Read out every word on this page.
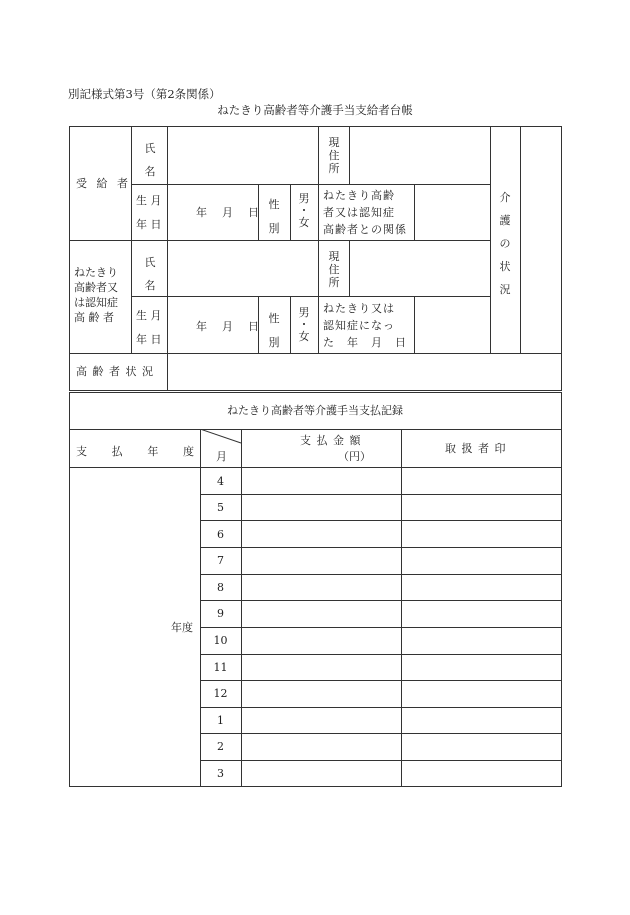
別記様式第3号（第2条関係）
ねたきり高齢者等介護手当支給者台帳
受 給 者
氏
名
現
住
所
生 月
年 日
年　月　日
性
別
男
・
女
ねたきり高齢
者又は認知症
高齢者との関係
ねたきり
高齢者又
は認知症
高 齢 者
氏
名
現
住
所
生 月
年 日
年　月　日
性
別
男
・
女
ねたきり又は
認知症になっ
た　年　月　日
介
護
の
状
況
高 齢 者 状 況
ねたきり高齢者等介護手当支払記録
支 払 年 度 月
支 払 金 額
（円）
取 扱 者 印
年度
4
5
6
7
8
9
10
11
12
1
2
3
